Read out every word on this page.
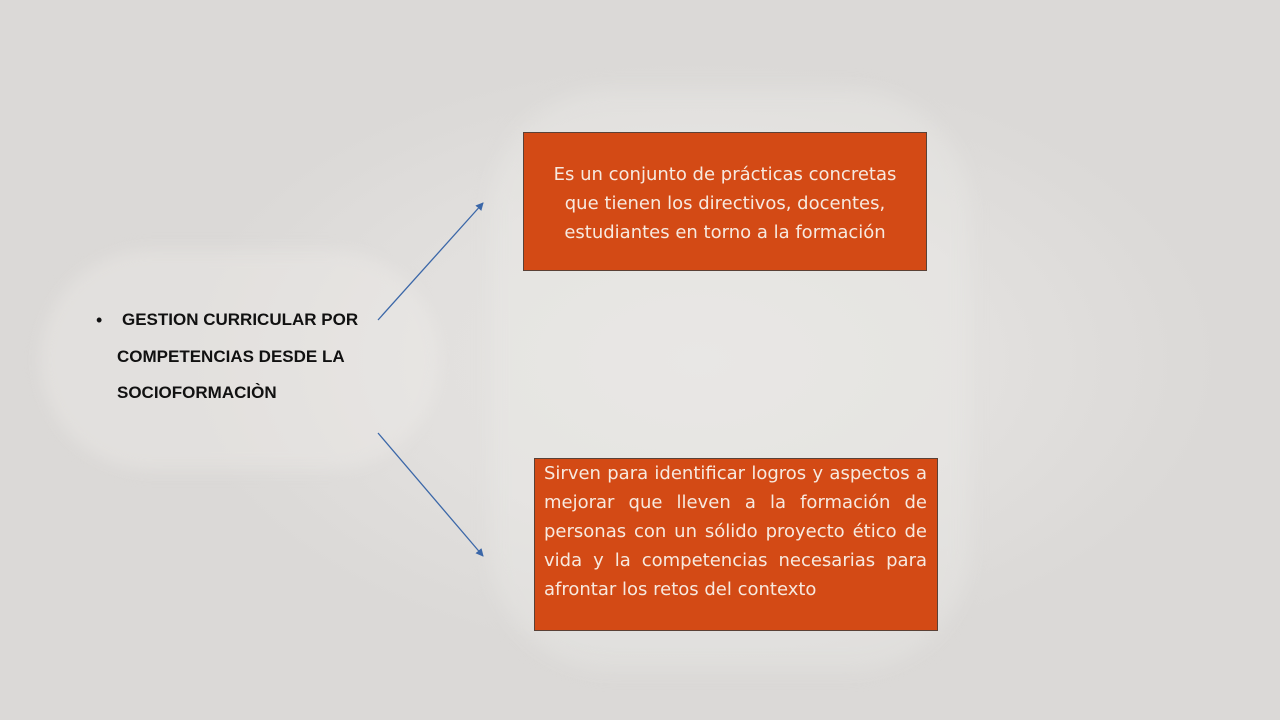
• GESTION CURRICULAR POR COMPETENCIAS DESDE LA SOCIOFORMACIÒN
Es un conjunto de prácticas concretas que tienen los directivos, docentes, estudiantes en torno a la formación
Sirven para identificar logros y aspectos a mejorar que lleven a la formación de personas con un sólido proyecto ético de vida y la competencias necesarias para afrontar los retos del contexto
